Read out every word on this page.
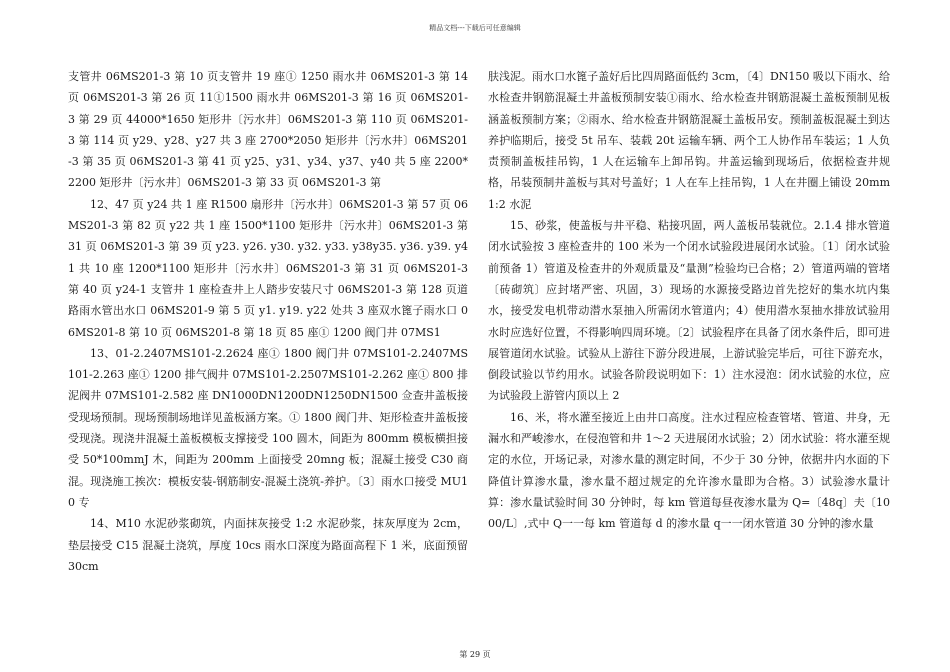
精品文档---下载后可任意编辑

支管井 06MS201-3 第 10 页支管井 19 座① 1250 雨水井 06MS201-3 第 14 页 06MS201-3 第 26 页 11①1500 雨水井 06MS201-3 第 16 页 06MS201-3 第 29 页 44000*1650 矩形井〔污水井〕06MS201-3 第 110 页 06MS201-3 第 114 页 y29、y28、y27 共 3 座 2700*2050 矩形井〔污水井〕06MS201-3 第 35 页 06MS201-3 第 41 页 y25、y31、y34、y37、y40 共 5 座 2200*2200 矩形井〔污水井〕06MS201-3 第 33 页 06MS201-3 第

12、47 页 y24 共 1 座 R1500 扇形井〔污水井〕06MS201-3 第 57 页 06MS201-3 第 82 页 y22 共 1 座 1500*1100 矩形井〔污水井〕06MS201-3 第 31 页 06MS201-3 第 39 页 y23. y26. y30. y32. y33. y38y35. y36. y39. y41 共 10 座 1200*1100 矩形井〔污水井〕06MS201-3 第 31 页 06MS201-3 第 40 页 y24-1 支管井 1 座检查井上人踏步安装尺寸 06MS201-3 第 128 页道路雨水管出水口 06MS201-9 第 5 页 y1. y19. y22 处共 3 座双水篦子雨水口 06MS201-8 第 10 页 06MS201-8 第 18 页 85 座① 1200 阀门井 07MS1

13、01-2.2407MS101-2.2624 座① 1800 阀门井 07MS101-2.2407MS101-2.263 座① 1200 排气阀井 07MS101-2.2507MS101-2.262 座① 800 排泥阀井 07MS101-2.582 座 DN1000DN1200DN1250DN1500 佥查井盖板接受现场预制。现场预制场地详见盖板涵方案。① 1800 阀门井、矩形检查井盖板接受现浇。现浇井混凝土盖板模板支撑接受 100 圆木，间距为 800mm 模板横担接受 50*100mmJ 木，间距为 200mm 上面接受 20mng 板；混凝土接受 C30 商混。现浇施工挨次：模板安装-钢筋制安-混凝土浇筑-养护。〔3〕雨水口接受 MU10 专

14、M10 水泥砂浆砌筑，内面抹灰接受 1:2 水泥砂浆，抹灰厚度为 2cm，垫层接受 C15 混凝土浇筑，厚度 10cs 雨水口深度为路面高程下 1 米，底面预留 30cm

肤浅泥。雨水口水篦子盖好后比四周路面低约 3cm，〔4〕DN150 吸以下雨水、给水检查井钢筋混凝土井盖板预制安装①雨水、给水检查井钢筋混凝土盖板预制见板涵盖板预制方案；②雨水、给水检查井钢筋混凝土盖板吊安。预制盖板混凝土到达养护临期后，接受 5t 吊车、装载 20t 运输车辆、两个工人协作吊车装运；1 人负责预制盖板挂吊钩，1 人在运输车上卸吊钩。井盖运输到现场后，依据检查井规格，吊装预制井盖板与其对号盖好；1 人在车上挂吊钩，1 人在井圈上铺设 20mm1:2 水泥

15、砂浆，使盖板与井平稳、粘接巩固，两人盖板吊装就位。2.1.4 排水管道闭水试验按 3 座检查井的 100 米为一个闭水试验段进展闭水试验。〔1〕闭水试验前预备 1）管道及检查井的外观质量及“量测”检验均已合格；2）管道两端的管堵〔砖砌筑〕应封堵严密、巩固，3）现场的水源接受路边首先挖好的集水坑内集水，接受发电机带动潜水泵抽入所需闭水管道内；4）使用潜水泵抽水排放试验用水时应选好位置，不得影响四周环境。〔2〕试验程序在具备了闭水条件后，即可进展管道闭水试验。试验从上游往下游分段进展，上游试验完毕后，可往下游充水，倒段试验以节约用水。试验各阶段说明如下：1）注水浸泡：闭水试验的水位，应为试验段上游管内顶以上 2

16、米，将水灌至接近上由井口高度。注水过程应检查管堵、管道、井身，无漏水和严峻渗水，在侵泡管和井 1〜2 天进展闭水试验；2）闭水试验：将水灌至规定的水位，开场记录，对渗水量的测定时间，不少于 30 分钟，依据井内水面的下降值计算渗水量，渗水量不超过规定的允许渗水量即为合格。3）试验渗水量计算：渗水量试验时间 30 分钟时，每 km 管道每昼夜渗水量为 Q=〔48q〕夫〔1000/L〕,式中 Q一一每 km 管道每 d 的渗水量 q一一闭水管道 30 分钟的渗水量

第 29 页
